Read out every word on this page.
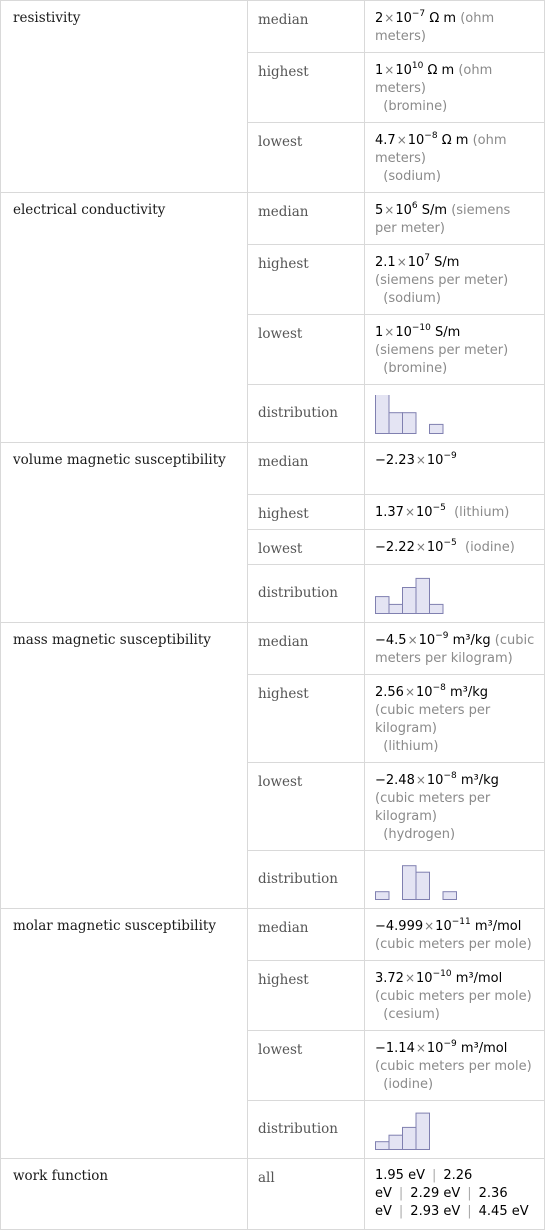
resistivity	median	$2\times 10^{-7}$ Ω m (ohm meters)
	highest	$1\times 10^{10}$ Ω m (ohm meters)
(bromine)
	lowest	$4.7\times 10^{-8}$ Ω m (ohm meters)
(sodium)
electrical conductivity	median	$5\times 10^6$ S/m (siemens per meter)
	highest	$2.1\times 10^7$ S/m
(siemens per meter)
(sodium)
	lowest	$1\times 10^{-10}$ S/m
(siemens per meter)
(bromine)
	distribution	

volume magnetic susceptibility	median	$-2.23\times 10^{-9}$
	highest	$1.37\times 10^{-5}$ (lithium)
	lowest	$-2.22\times 10^{-5}$ (iodine)
	distribution	

mass magnetic susceptibility	median	$-4.5\times 10^{-9}$ m³/kg (cubic meters per kilogram)
	highest	$2.56\times 10^{-8}$ m³/kg
(cubic meters per kilogram)
(lithium)
	lowest	$-2.48\times 10^{-8}$ m³/kg
(cubic meters per kilogram)
(hydrogen)
	distribution	

molar magnetic susceptibility	median	$-4.999\times 10^{-11}$ m³/mol (cubic meters per mole)
	highest	$3.72\times 10^{-10}$ m³/mol
(cubic meters per mole)
(cesium)
	lowest	$-1.14\times 10^{-9}$ m³/mol
(cubic meters per mole)
(iodine)
	distribution	

work function	all	1.95 eV | 2.26 eV | 2.29 eV | 2.36 eV | 2.93 eV | 4.45 eV
